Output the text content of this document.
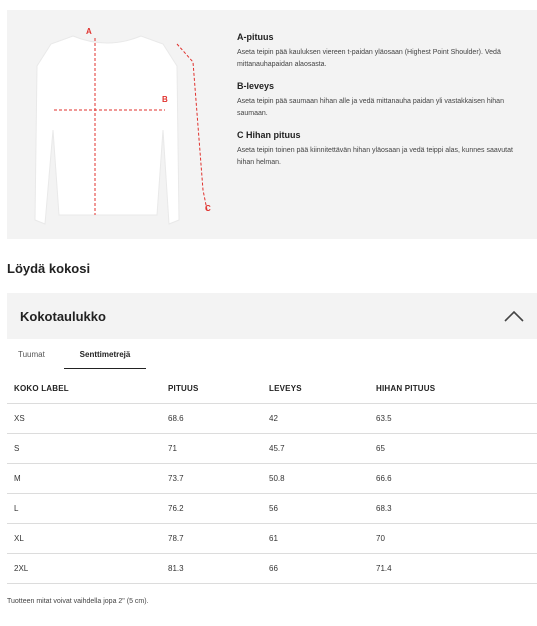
A
B
C
A-pituus
Aseta teipin pää kauluksen viereen t-paidan yläosaan (Highest Point Shoulder). Vedä mittanauhapaidan alaosasta.
B-leveys
Aseta teipin pää saumaan hihan alle ja vedä mittanauha paidan yli vastakkaisen hihan saumaan.
C Hihan pituus
Aseta teipin toinen pää kiinnitettävän hihan yläosaan ja vedä teippi alas, kunnes saavutat hihan helman.
Löydä kokosi
Kokotaulukko
Tuumat	Senttimetrejä
KOKO LABEL	PITUUS	LEVEYS	HIHAN PITUUS
XS	68.6	42	63.5
S	71	45.7	65
M	73.7	50.8	66.6
L	76.2	56	68.3
XL	78.7	61	70
2XL	81.3	66	71.4
Tuotteen mitat voivat vaihdella jopa 2" (5 cm).
